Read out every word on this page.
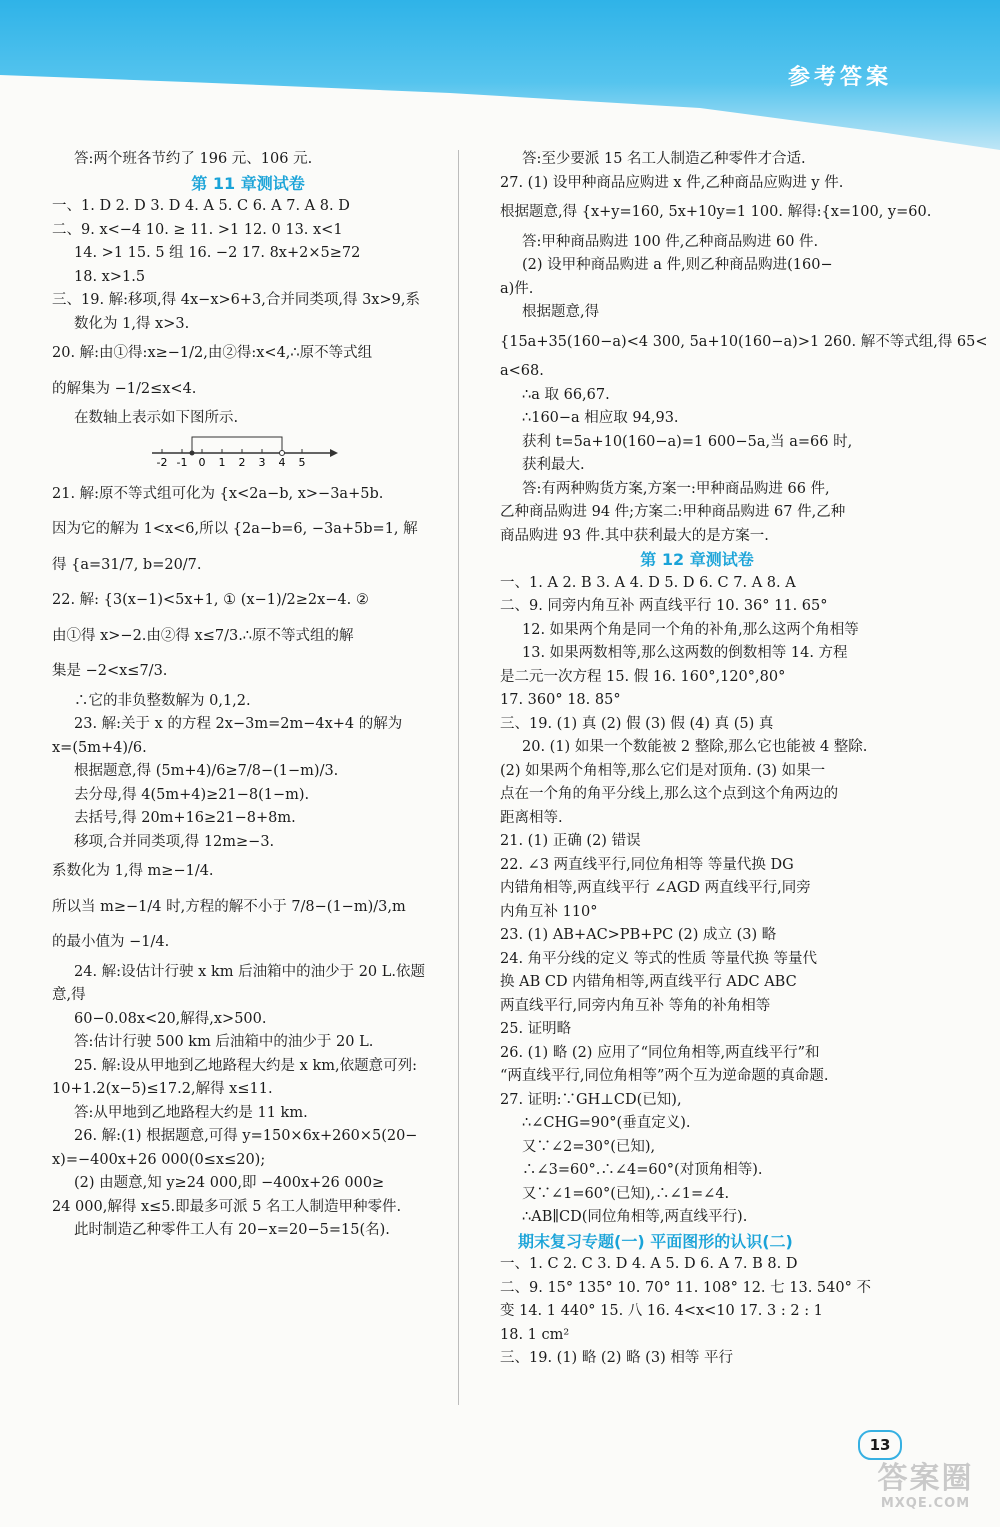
参考答案
答:两个班各节约了 196 元、106 元.
第 11 章测试卷
一、1. D 2. D 3. D 4. A 5. C 6. A 7. A 8. D
二、9. x<−4 10. ≥ 11. >1 12. 0 13. x<1
14. >1 15. 5 组 16. −2 17. 8x+2×5≥72
18. x>1.5
三、19. 解:移项,得 4x−x>6+3,合并同类项,得 3x>9,系
数化为 1,得 x>3.
20. 解:由①得:x≥−1/2,由②得:x<4,∴原不等式组
的解集为 −1/2≤x<4.
在数轴上表示如下图所示.
-2 -1 0 1 2 3 4 5
21. 解:原不等式组可化为 {x<2a−b, x>−3a+5b.
因为它的解为 1<x<6,所以 {2a−b=6, −3a+5b=1, 解
得 {a=31/7, b=20/7.
22. 解: {3(x−1)<5x+1, ① (x−1)/2≥2x−4. ②
由①得 x>−2.由②得 x≤7/3.∴原不等式组的解
集是 −2<x≤7/3.
∴它的非负整数解为 0,1,2.
23. 解:关于 x 的方程 2x−3m=2m−4x+4 的解为
x=(5m+4)/6.
根据题意,得 (5m+4)/6≥7/8−(1−m)/3.
去分母,得 4(5m+4)≥21−8(1−m).
去括号,得 20m+16≥21−8+8m.
移项,合并同类项,得 12m≥−3.
系数化为 1,得 m≥−1/4.
所以当 m≥−1/4 时,方程的解不小于 7/8−(1−m)/3,m
的最小值为 −1/4.
24. 解:设估计行驶 x km 后油箱中的油少于 20 L.依题
意,得
60−0.08x<20,解得,x>500.
答:估计行驶 500 km 后油箱中的油少于 20 L.
25. 解:设从甲地到乙地路程大约是 x km,依题意可列:
10+1.2(x−5)≤17.2,解得 x≤11.
答:从甲地到乙地路程大约是 11 km.
26. 解:(1) 根据题意,可得 y=150×6x+260×5(20−
x)=−400x+26 000(0≤x≤20);
(2) 由题意,知 y≥24 000,即 −400x+26 000≥
24 000,解得 x≤5.即最多可派 5 名工人制造甲种零件.
此时制造乙种零件工人有 20−x=20−5=15(名).
答:至少要派 15 名工人制造乙种零件才合适.
27. (1) 设甲种商品应购进 x 件,乙种商品应购进 y 件.
根据题意,得 {x+y=160, 5x+10y=1 100. 解得:{x=100, y=60.
答:甲种商品购进 100 件,乙种商品购进 60 件.
(2) 设甲种商品购进 a 件,则乙种商品购进(160−
a)件.
根据题意,得
{15a+35(160−a)<4 300, 5a+10(160−a)>1 260. 解不等式组,得 65<
a<68.
∴a 取 66,67.
∴160−a 相应取 94,93.
获利 t=5a+10(160−a)=1 600−5a,当 a=66 时,
获利最大.
答:有两种购货方案,方案一:甲种商品购进 66 件,
乙种商品购进 94 件;方案二:甲种商品购进 67 件,乙种
商品购进 93 件.其中获利最大的是方案一.
第 12 章测试卷
一、1. A 2. B 3. A 4. D 5. D 6. C 7. A 8. A
二、9. 同旁内角互补 两直线平行 10. 36° 11. 65°
12. 如果两个角是同一个角的补角,那么这两个角相等
13. 如果两数相等,那么这两数的倒数相等 14. 方程
是二元一次方程 15. 假 16. 160°,120°,80°
17. 360° 18. 85°
三、19. (1) 真 (2) 假 (3) 假 (4) 真 (5) 真
20. (1) 如果一个数能被 2 整除,那么它也能被 4 整除.
(2) 如果两个角相等,那么它们是对顶角. (3) 如果一
点在一个角的角平分线上,那么这个点到这个角两边的
距离相等.
21. (1) 正确 (2) 错误
22. ∠3 两直线平行,同位角相等 等量代换 DG
内错角相等,两直线平行 ∠AGD 两直线平行,同旁
内角互补 110°
23. (1) AB+AC>PB+PC (2) 成立 (3) 略
24. 角平分线的定义 等式的性质 等量代换 等量代
换 AB CD 内错角相等,两直线平行 ADC ABC
两直线平行,同旁内角互补 等角的补角相等
25. 证明略
26. (1) 略 (2) 应用了“同位角相等,两直线平行”和
“两直线平行,同位角相等”两个互为逆命题的真命题.
27. 证明:∵GH⊥CD(已知),
∴∠CHG=90°(垂直定义).
又∵∠2=30°(已知),
∴∠3=60°.∴∠4=60°(对顶角相等).
又∵∠1=60°(已知),∴∠1=∠4.
∴AB∥CD(同位角相等,两直线平行).
期末复习专题(一) 平面图形的认识(二)
一、1. C 2. C 3. D 4. A 5. D 6. A 7. B 8. D
二、9. 15° 135° 10. 70° 11. 108° 12. 七 13. 540° 不
变 14. 1 440° 15. 八 16. 4<x<10 17. 3 : 2 : 1
18. 1 cm²
三、19. (1) 略 (2) 略 (3) 相等 平行
13
答案圈
MXQE.COM
